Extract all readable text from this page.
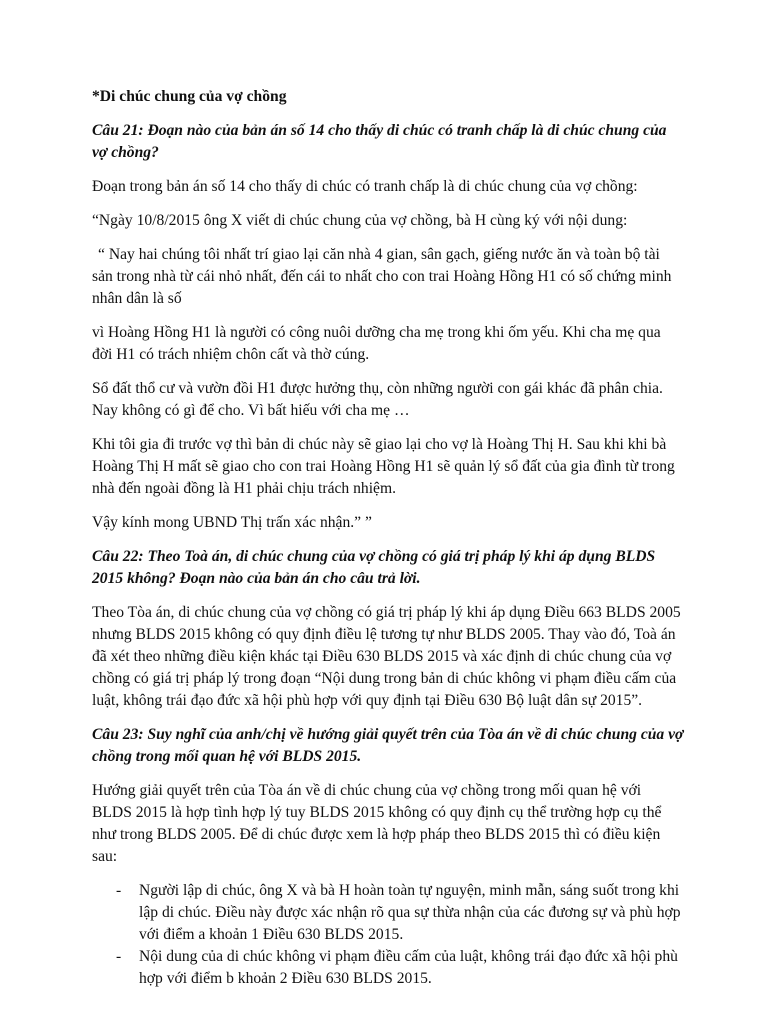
*Di chúc chung của vợ chồng

Câu 21: Đoạn nào của bản án số 14 cho thấy di chúc có tranh chấp là di chúc chung của vợ chồng?

Đoạn trong bản án số 14 cho thấy di chúc có tranh chấp là di chúc chung của vợ chồng:

“Ngày 10/8/2015 ông X viết di chúc chung của vợ chồng, bà H cùng ký với nội dung:

“ Nay hai chúng tôi nhất trí giao lại căn nhà 4 gian, sân gạch, giếng nước ăn và toàn bộ tài sản trong nhà từ cái nhỏ nhất, đến cái to nhất cho con trai Hoàng Hồng H1 có số chứng minh nhân dân là số

vì Hoàng Hồng H1 là người có công nuôi dưỡng cha mẹ trong khi ốm yếu. Khi cha mẹ qua đời H1 có trách nhiệm chôn cất và thờ cúng.

Sổ đất thổ cư và vườn đồi H1 được hưởng thụ, còn những người con gái khác đã phân chia. Nay không có gì để cho. Vì bất hiếu với cha mẹ …

Khi tôi gia đi trước vợ thì bản di chúc này sẽ giao lại cho vợ là Hoàng Thị H. Sau khi khi bà Hoàng Thị H mất sẽ giao cho con trai Hoàng Hồng H1 sẽ quản lý sổ đất của gia đình từ trong nhà đến ngoài đồng là H1 phải chịu trách nhiệm.

Vậy kính mong UBND Thị trấn xác nhận.” ”

Câu 22: Theo Toà án, di chúc chung của vợ chồng có giá trị pháp lý khi áp dụng BLDS 2015 không? Đoạn nào của bản án cho câu trả lời.

Theo Tòa án, di chúc chung của vợ chồng có giá trị pháp lý khi áp dụng Điều 663 BLDS 2005 nhưng BLDS 2015 không có quy định điều lệ tương tự như BLDS 2005. Thay vào đó, Toà án đã xét theo những điều kiện khác tại Điều 630 BLDS 2015 và xác định di chúc chung của vợ chồng có giá trị pháp lý trong đoạn “Nội dung trong bản di chúc không vi phạm điều cấm của luật, không trái đạo đức xã hội phù hợp với quy định tại Điều 630 Bộ luật dân sự 2015”.

Câu 23: Suy nghĩ của anh/chị về hướng giải quyết trên của Tòa án về di chúc chung của vợ chồng trong mối quan hệ với BLDS 2015.

Hướng giải quyết trên của Tòa án về di chúc chung của vợ chồng trong mối quan hệ với BLDS 2015 là hợp tình hợp lý tuy BLDS 2015 không có quy định cụ thể trường hợp cụ thể như trong BLDS 2005. Để di chúc được xem là hợp pháp theo BLDS 2015 thì có điều kiện sau:

- Người lập di chúc, ông X và bà H hoàn toàn tự nguyện, minh mẫn, sáng suốt trong khi lập di chúc. Điều này được xác nhận rõ qua sự thừa nhận của các đương sự và phù hợp với điểm a khoản 1 Điều 630 BLDS 2015.
- Nội dung của di chúc không vi phạm điều cấm của luật, không trái đạo đức xã hội phù hợp với điểm b khoản 2 Điều 630 BLDS 2015.
